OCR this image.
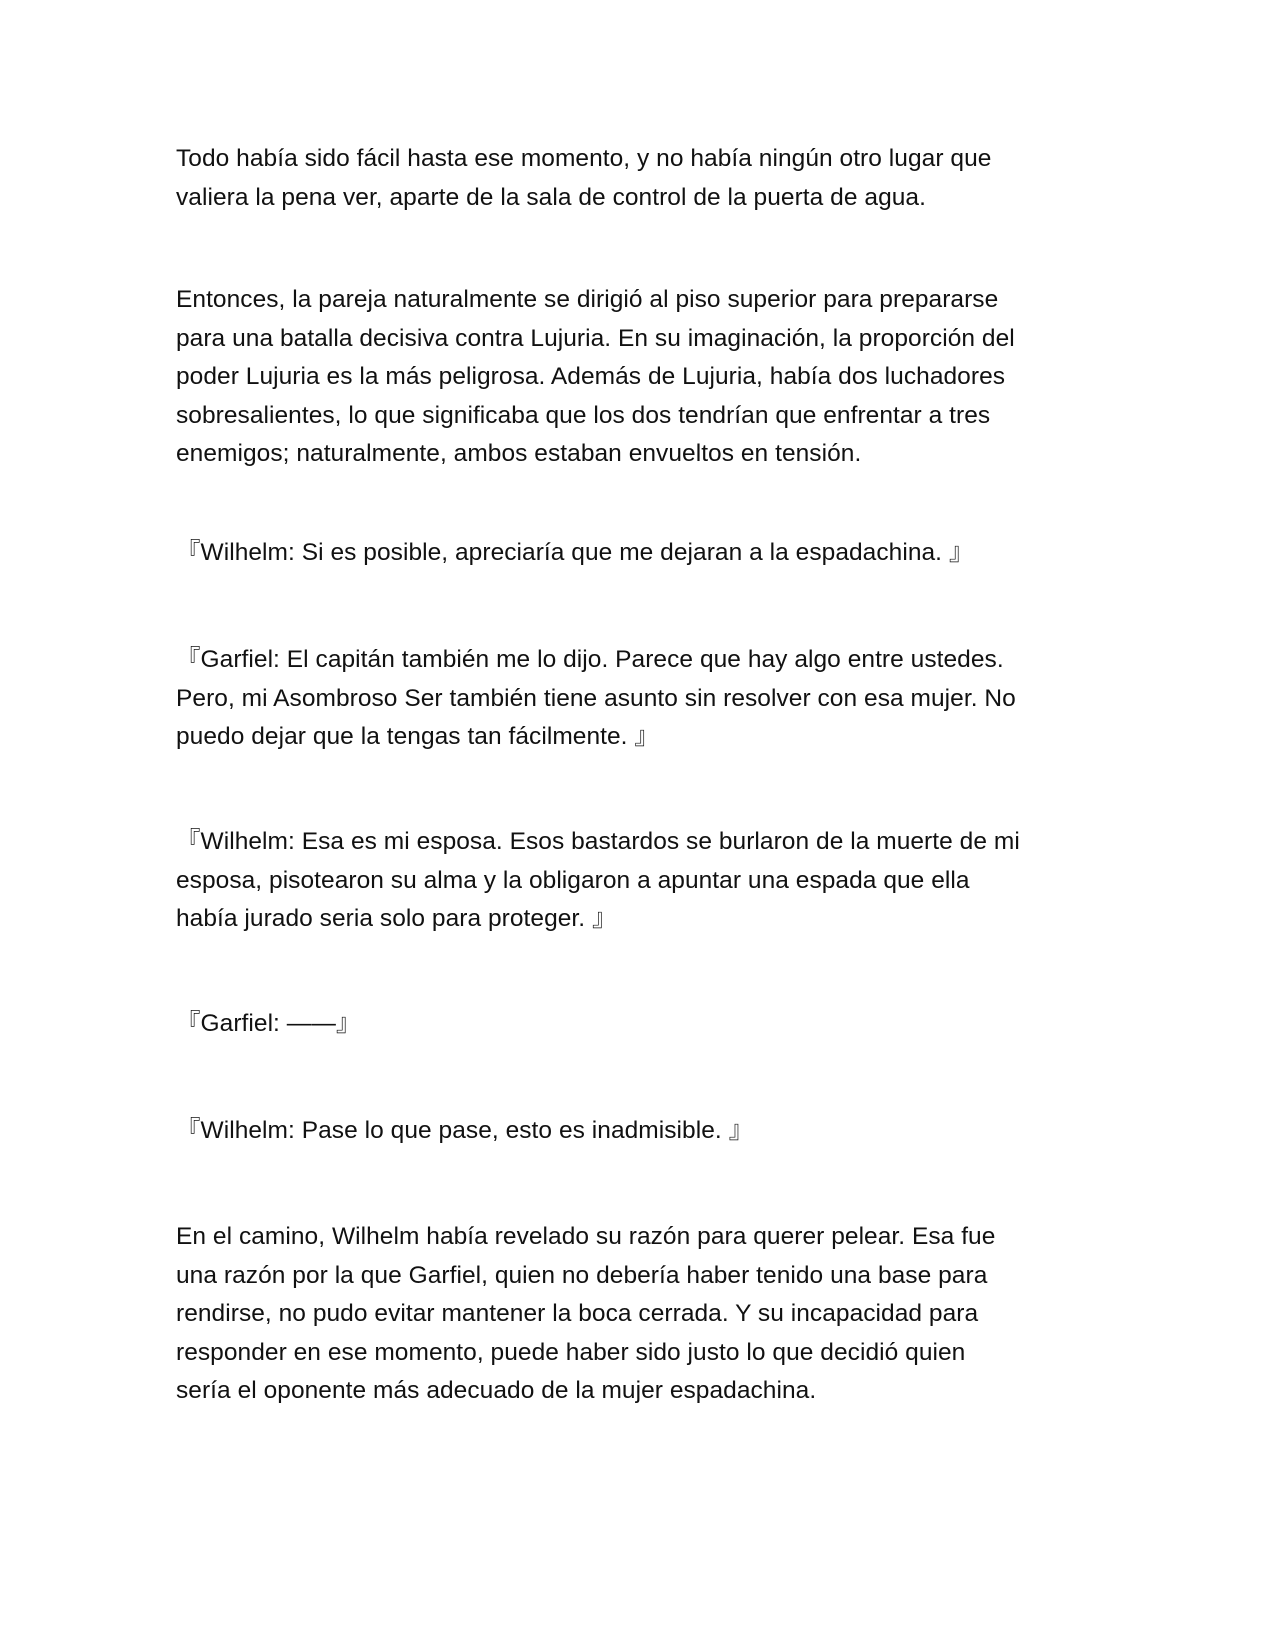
Todo había sido fácil hasta ese momento, y no había ningún otro lugar que
valiera la pena ver, aparte de la sala de control de la puerta de agua.

Entonces, la pareja naturalmente se dirigió al piso superior para prepararse
para una batalla decisiva contra Lujuria. En su imaginación, la proporción del
poder Lujuria es la más peligrosa. Además de Lujuria, había dos luchadores
sobresalientes, lo que significaba que los dos tendrían que enfrentar a tres
enemigos; naturalmente, ambos estaban envueltos en tensión.

『Wilhelm: Si es posible, apreciaría que me dejaran a la espadachina. 』

『Garfiel: El capitán también me lo dijo. Parece que hay algo entre ustedes.
Pero, mi Asombroso Ser también tiene asunto sin resolver con esa mujer. No
puedo dejar que la tengas tan fácilmente. 』

『Wilhelm: Esa es mi esposa. Esos bastardos se burlaron de la muerte de mi
esposa, pisotearon su alma y la obligaron a apuntar una espada que ella
había jurado seria solo para proteger. 』

『Garfiel: ——』

『Wilhelm: Pase lo que pase, esto es inadmisible. 』

En el camino, Wilhelm había revelado su razón para querer pelear. Esa fue
una razón por la que Garfiel, quien no debería haber tenido una base para
rendirse, no pudo evitar mantener la boca cerrada. Y su incapacidad para
responder en ese momento, puede haber sido justo lo que decidió quien
sería el oponente más adecuado de la mujer espadachina.
